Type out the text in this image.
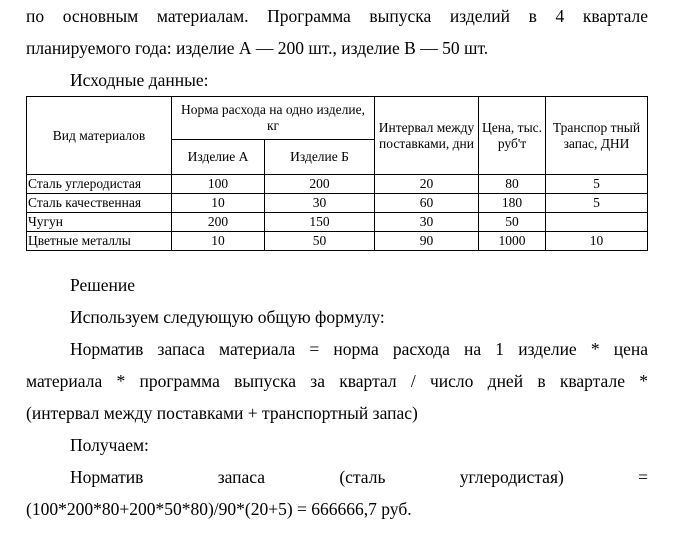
по основным материалам. Программа выпуска изделий в 4 квартале

планируемого года: изделие А — 200 шт., изделие В — 50 шт.

Исходные данные:

Вид материалов	Норма расхода на одно изделие, кг		Интервал между поставками, дни	Цена, тыс. руб'т	Транспор тный запас, ДНИ
	Изделие А	Изделие Б			
Сталь углеродистая	100	200	20	80	5
Сталь качественная	10	30	60	180	5
Чугун	200	150	30	50	
Цветные металлы	10	50	90	1000	10

Решение

Используем следующую общую формулу:

Норматив запаса материала = норма расхода на 1 изделие * цена

материала * программа выпуска за квартал / число дней в квартале *

(интервал между поставками + транспортный запас)

Получаем:

Норматив запаса (сталь углеродистая) =

(100*200*80+200*50*80)/90*(20+5) = 666666,7 руб.
